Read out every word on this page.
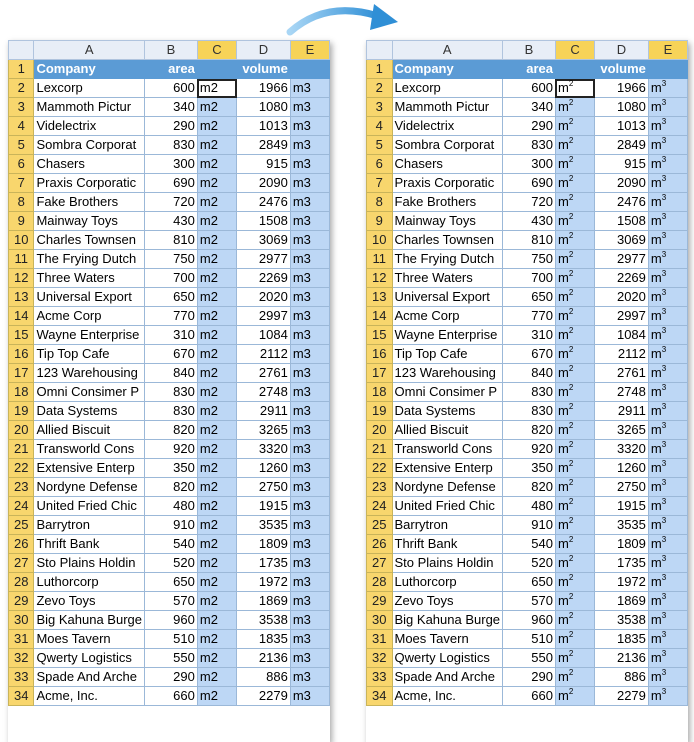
	A	B	C	D	E
1	Company	area		volume	
2	Lexcorp	600	m2	1966	m3
3	Mammoth Pictur	340	m2	1080	m3
4	Videlectrix	290	m2	1013	m3
5	Sombra Corporat	830	m2	2849	m3
6	Chasers	300	m2	915	m3
7	Praxis Corporatic	690	m2	2090	m3
8	Fake Brothers	720	m2	2476	m3
9	Mainway Toys	430	m2	1508	m3
10	Charles Townsen	810	m2	3069	m3
11	The Frying Dutch	750	m2	2977	m3
12	Three Waters	700	m2	2269	m3
13	Universal Export	650	m2	2020	m3
14	Acme Corp	770	m2	2997	m3
15	Wayne Enterprise	310	m2	1084	m3
16	Tip Top Cafe	670	m2	2112	m3
17	123 Warehousing	840	m2	2761	m3
18	Omni Consimer P	830	m2	2748	m3
19	Data Systems	830	m2	2911	m3
20	Allied Biscuit	820	m2	3265	m3
21	Transworld Cons	920	m2	3320	m3
22	Extensive Enterp	350	m2	1260	m3
23	Nordyne Defense	820	m2	2750	m3
24	United Fried Chic	480	m2	1915	m3
25	Barrytron	910	m2	3535	m3
26	Thrift Bank	540	m2	1809	m3
27	Sto Plains Holdin	520	m2	1735	m3
28	Luthorcorp	650	m2	1972	m3
29	Zevo Toys	570	m2	1869	m3
30	Big Kahuna Burge	960	m2	3538	m3
31	Moes Tavern	510	m2	1835	m3
32	Qwerty Logistics	550	m2	2136	m3
33	Spade And Arche	290	m2	886	m3
34	Acme, Inc.	660	m2	2279	m3
	A	B	C	D	E
1	Company	area		volume	
2	Lexcorp	600	$m^2$	1966	$m^3$
3	Mammoth Pictur	340	$m^2$	1080	$m^3$
4	Videlectrix	290	$m^2$	1013	$m^3$
5	Sombra Corporat	830	$m^2$	2849	$m^3$
6	Chasers	300	$m^2$	915	$m^3$
7	Praxis Corporatic	690	$m^2$	2090	$m^3$
8	Fake Brothers	720	$m^2$	2476	$m^3$
9	Mainway Toys	430	$m^2$	1508	$m^3$
10	Charles Townsen	810	$m^2$	3069	$m^3$
11	The Frying Dutch	750	$m^2$	2977	$m^3$
12	Three Waters	700	$m^2$	2269	$m^3$
13	Universal Export	650	$m^2$	2020	$m^3$
14	Acme Corp	770	$m^2$	2997	$m^3$
15	Wayne Enterprise	310	$m^2$	1084	$m^3$
16	Tip Top Cafe	670	$m^2$	2112	$m^3$
17	123 Warehousing	840	$m^2$	2761	$m^3$
18	Omni Consimer P	830	$m^2$	2748	$m^3$
19	Data Systems	830	$m^2$	2911	$m^3$
20	Allied Biscuit	820	$m^2$	3265	$m^3$
21	Transworld Cons	920	$m^2$	3320	$m^3$
22	Extensive Enterp	350	$m^2$	1260	$m^3$
23	Nordyne Defense	820	$m^2$	2750	$m^3$
24	United Fried Chic	480	$m^2$	1915	$m^3$
25	Barrytron	910	$m^2$	3535	$m^3$
26	Thrift Bank	540	$m^2$	1809	$m^3$
27	Sto Plains Holdin	520	$m^2$	1735	$m^3$
28	Luthorcorp	650	$m^2$	1972	$m^3$
29	Zevo Toys	570	$m^2$	1869	$m^3$
30	Big Kahuna Burge	960	$m^2$	3538	$m^3$
31	Moes Tavern	510	$m^2$	1835	$m^3$
32	Qwerty Logistics	550	$m^2$	2136	$m^3$
33	Spade And Arche	290	$m^2$	886	$m^3$
34	Acme, Inc.	660	$m^2$	2279	$m^3$
